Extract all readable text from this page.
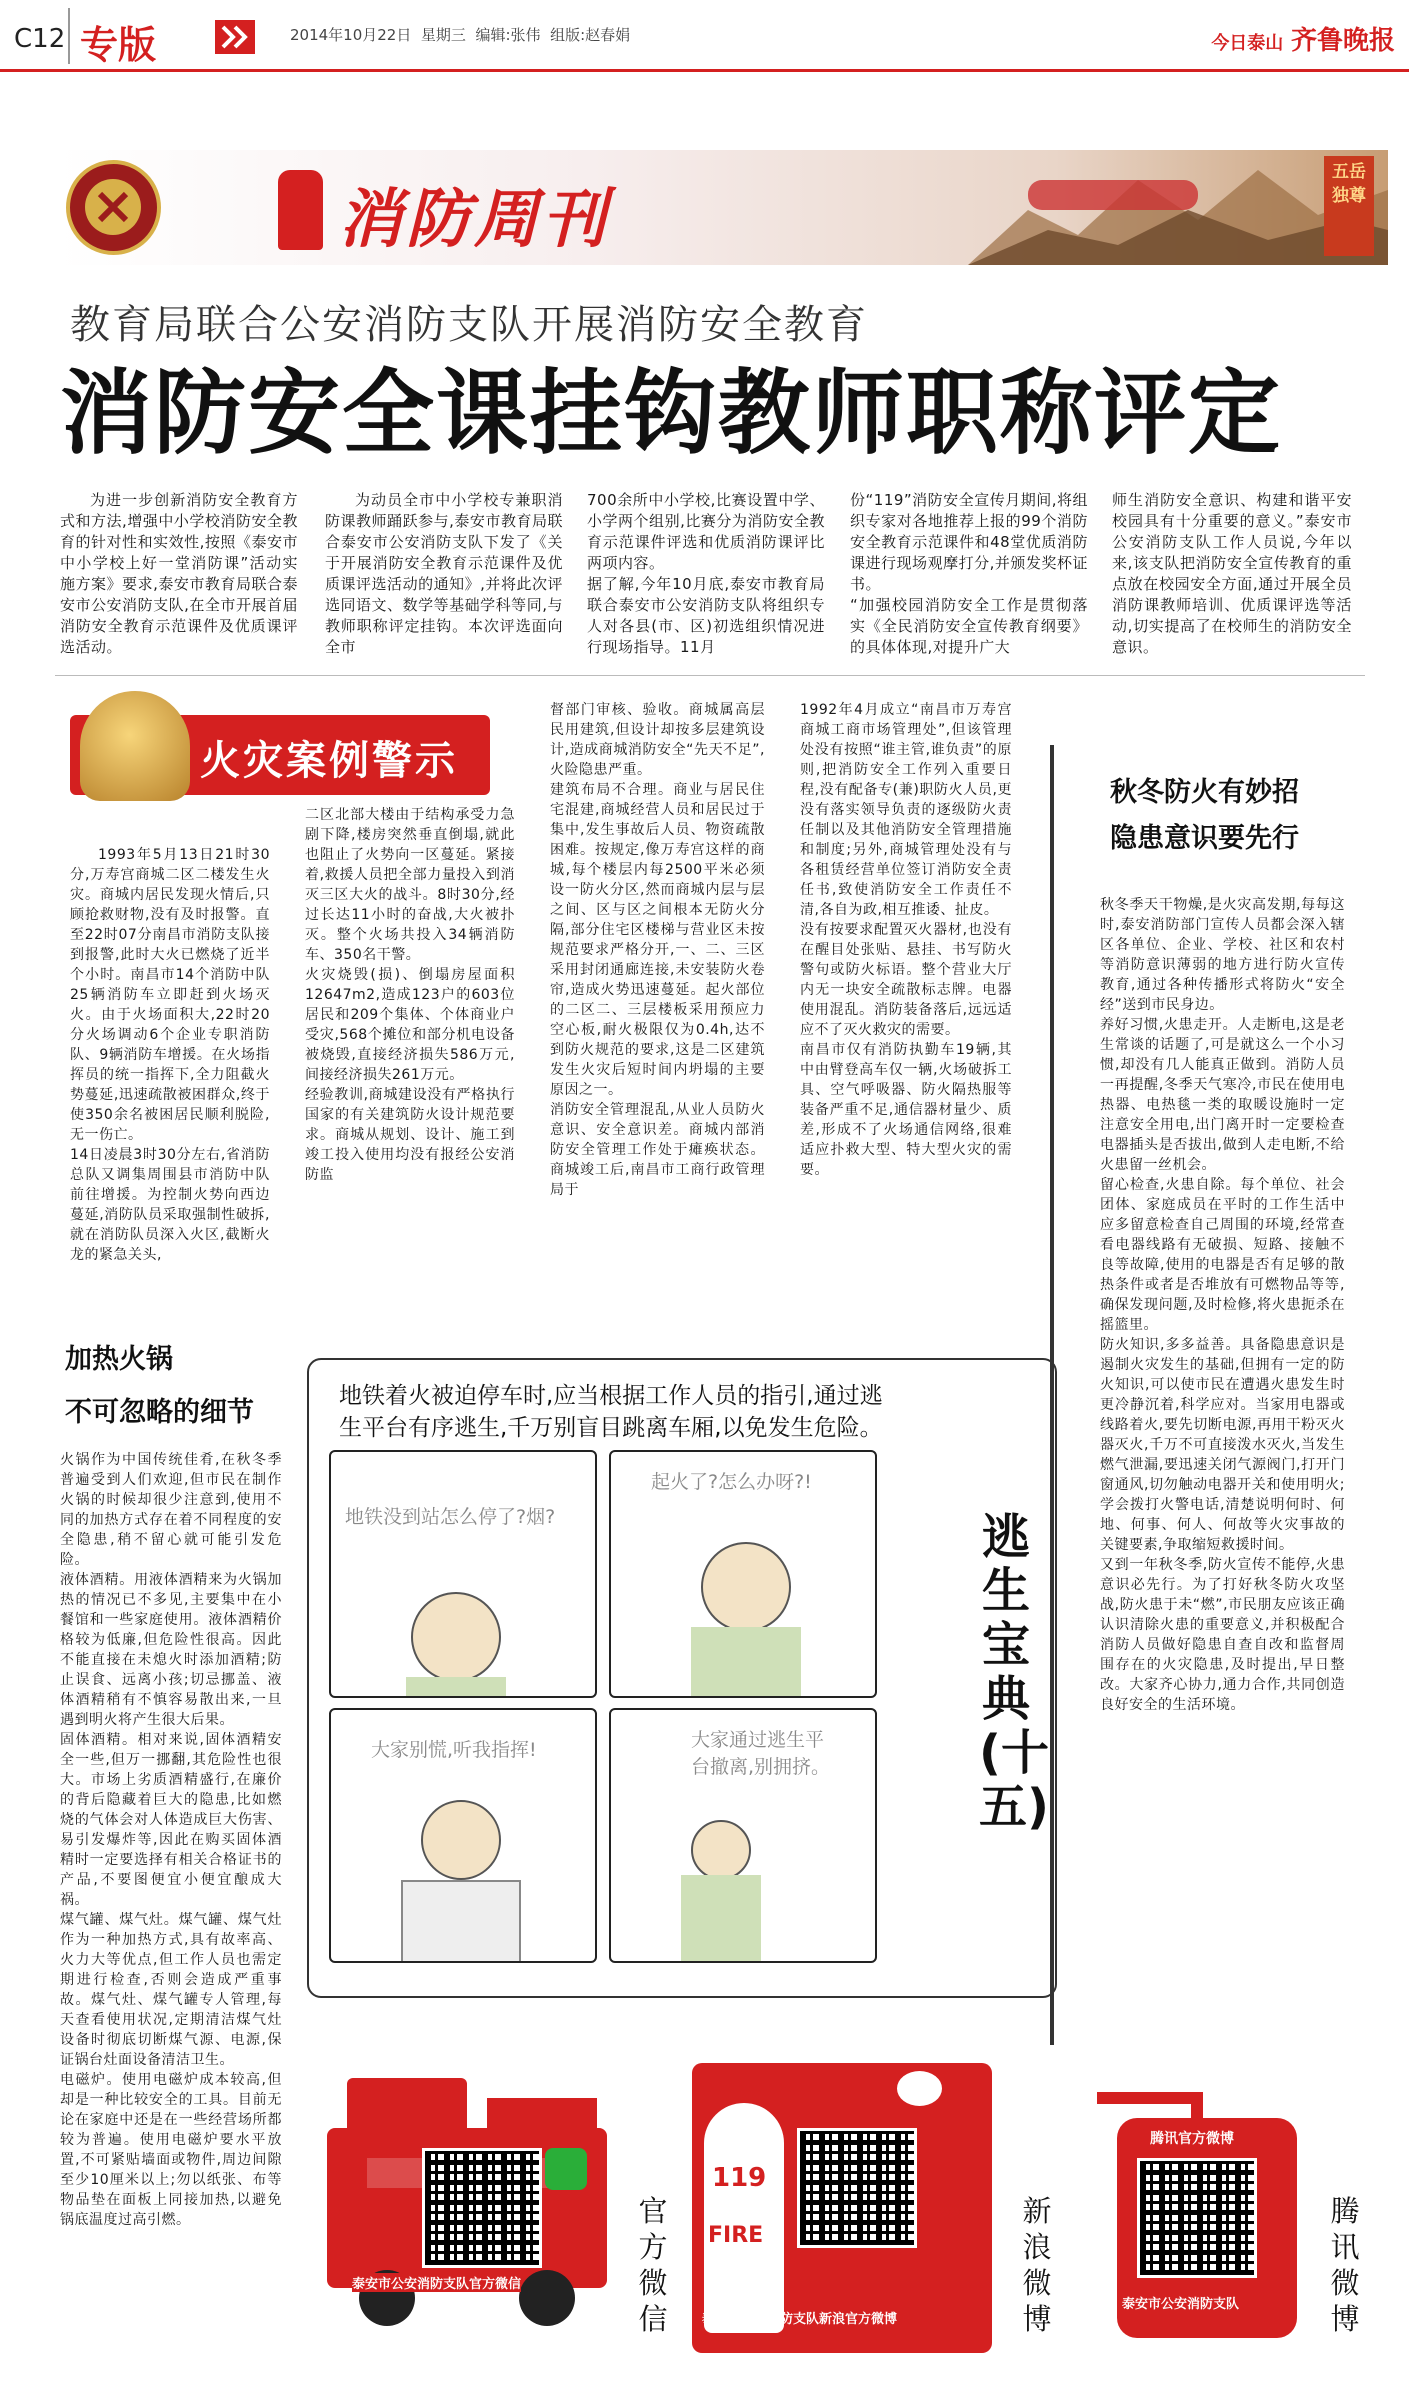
C12 专版	2014年10月22日 星期三 编辑:张伟 组版:赵春娟	今日泰山 齐鲁晚报
消防周刊
五岳独尊
教育局联合公安消防支队开展消防安全教育
消防安全课挂钩教师职称评定
为进一步创新消防安全教育方式和方法,增强中小学校消防安全教育的针对性和实效性,按照《泰安市中小学校上好一堂消防课”活动实施方案》要求,泰安市教育局联合泰安市公安消防支队,在全市开展首届消防安全教育示范课件及优质课评选活动。
为动员全市中小学校专兼职消防课教师踊跃参与,泰安市教育局联合泰安市公安消防支队下发了《关于开展消防安全教育示范课件及优质课评选活动的通知》,并将此次评选同语文、数学等基础学科等同,与教师职称评定挂钩。本次评选面向全市
700余所中小学校,比赛设置中学、小学两个组别,比赛分为消防安全教育示范课件评选和优质消防课评比两项内容。
据了解,今年10月底,泰安市教育局联合泰安市公安消防支队将组织专人对各县(市、区)初选组织情况进行现场指导。11月
份“119”消防安全宣传月期间,将组织专家对各地推荐上报的99个消防安全教育示范课件和48堂优质消防课进行现场观摩打分,并颁发奖杯证书。
“加强校园消防安全工作是贯彻落实《全民消防安全宣传教育纲要》的具体体现,对提升广大
师生消防安全意识、构建和谐平安校园具有十分重要的意义。”泰安市公安消防支队工作人员说,今年以来,该支队把消防安全宣传教育的重点放在校园安全方面,通过开展全员消防课教师培训、优质课评选等活动,切实提高了在校师生的消防安全意识。
火灾案例警示
1993年5月13日21时30分,万寿宫商城二区二楼发生火灾。商城内居民发现火情后,只顾抢救财物,没有及时报警。直至22时07分南昌市消防支队接到报警,此时大火已燃烧了近半个小时。南昌市14个消防中队25辆消防车立即赶到火场灭火。由于火场面积大,22时20分火场调动6个企业专职消防队、9辆消防车增援。在火场指挥员的统一指挥下,全力阻截火势蔓延,迅速疏散被困群众,终于使350余名被困居民顺利脱险,无一伤亡。
14日凌晨3时30分左右,省消防总队又调集周围县市消防中队前往增援。为控制火势向西边蔓延,消防队员采取强制性破拆,就在消防队员深入火区,截断火龙的紧急关头,
二区北部大楼由于结构承受力急剧下降,楼房突然垂直倒塌,就此也阻止了火势向一区蔓延。紧接着,救援人员把全部力量投入到消灭三区大火的战斗。8时30分,经过长达11小时的奋战,大火被扑灭。整个火场共投入34辆消防车、350名干警。
火灾烧毁(损)、倒塌房屋面积12647m2,造成123户的603位居民和209个集体、个体商业户受灾,568个摊位和部分机电设备被烧毁,直接经济损失586万元,间接经济损失261万元。
经验教训,商城建设没有严格执行国家的有关建筑防火设计规范要求。商城从规划、设计、施工到竣工投入使用均没有报经公安消防监
督部门审核、验收。商城属高层民用建筑,但设计却按多层建筑设计,造成商城消防安全“先天不足”,火险隐患严重。
建筑布局不合理。商业与居民住宅混建,商城经营人员和居民过于集中,发生事故后人员、物资疏散困难。按规定,像万寿宫这样的商城,每个楼层内每2500平米必须设一防火分区,然而商城内层与层之间、区与区之间根本无防火分隔,部分住宅区楼梯与营业区未按规范要求严格分开,一、二、三区采用封闭通廊连接,未安装防火卷帘,造成火势迅速蔓延。起火部位的二区二、三层楼板采用预应力空心板,耐火极限仅为0.4h,达不到防火规范的要求,这是二区建筑发生火灾后短时间内坍塌的主要原因之一。
消防安全管理混乱,从业人员防火意识、安全意识差。商城内部消防安全管理工作处于瘫痪状态。商城竣工后,南昌市工商行政管理局于
1992年4月成立“南昌市万寿宫商城工商市场管理处”,但该管理处没有按照“谁主管,谁负责”的原则,把消防安全工作列入重要日程,没有配备专(兼)职防火人员,更没有落实领导负责的逐级防火责任制以及其他消防安全管理措施和制度;另外,商城管理处没有与各租赁经营单位签订消防安全责任书,致使消防安全工作责任不清,各自为政,相互推诿、扯皮。
没有按要求配置灭火器材,也没有在醒目处张贴、悬挂、书写防火警句或防火标语。整个营业大厅内无一块安全疏散标志牌。电器使用混乱。消防装备落后,远远适应不了灭火救灾的需要。
南昌市仅有消防执勤车19辆,其中由臂登高车仅一辆,火场破拆工具、空气呼吸器、防火隔热服等装备严重不足,通信器材量少、质差,形成不了火场通信网络,很难适应扑救大型、特大型火灾的需要。
秋冬防火有妙招
隐患意识要先行
秋冬季天干物燥,是火灾高发期,每每这时,泰安消防部门宣传人员都会深入辖区各单位、企业、学校、社区和农村等消防意识薄弱的地方进行防火宣传教育,通过各种传播形式将防火“安全经”送到市民身边。
养好习惯,火患走开。人走断电,这是老生常谈的话题了,可是就这么一个小习惯,却没有几人能真正做到。消防人员一再提醒,冬季天气寒冷,市民在使用电热器、电热毯一类的取暖设施时一定注意安全用电,出门离开时一定要检查电器插头是否拔出,做到人走电断,不给火患留一丝机会。
留心检查,火患自除。每个单位、社会团体、家庭成员在平时的工作生活中应多留意检查自己周围的环境,经常查看电器线路有无破损、短路、接触不良等故障,使用的电器是否有足够的散热条件或者是否堆放有可燃物品等等,确保发现问题,及时检修,将火患扼杀在摇篮里。
防火知识,多多益善。具备隐患意识是遏制火灾发生的基础,但拥有一定的防火知识,可以使市民在遭遇火患发生时更冷静沉着,科学应对。当家用电器或线路着火,要先切断电源,再用干粉灭火器灭火,千万不可直接泼水灭火,当发生燃气泄漏,要迅速关闭气源阀门,打开门窗通风,切勿触动电器开关和使用明火;学会拨打火警电话,清楚说明何时、何地、何事、何人、何故等火灾事故的关键要素,争取缩短救援时间。
又到一年秋冬季,防火宣传不能停,火患意识必先行。为了打好秋冬防火攻坚战,防火患于未“燃”,市民朋友应该正确认识清除火患的重要意义,并积极配合消防人员做好隐患自查自改和监督周围存在的火灾隐患,及时提出,早日整改。大家齐心协力,通力合作,共同创造良好安全的生活环境。
加热火锅
不可忽略的细节
火锅作为中国传统佳肴,在秋冬季普遍受到人们欢迎,但市民在制作火锅的时候却很少注意到,使用不同的加热方式存在着不同程度的安全隐患,稍不留心就可能引发危险。
液体酒精。用液体酒精来为火锅加热的情况已不多见,主要集中在小餐馆和一些家庭使用。液体酒精价格较为低廉,但危险性很高。因此不能直接在未熄火时添加酒精;防止误食、远离小孩;切忌挪盖、液体酒精稍有不慎容易散出来,一旦遇到明火将产生很大后果。
固体酒精。相对来说,固体酒精安全一些,但万一挪翻,其危险性也很大。市场上劣质酒精盛行,在廉价的背后隐藏着巨大的隐患,比如燃烧的气体会对人体造成巨大伤害、易引发爆炸等,因此在购买固体酒精时一定要选择有相关合格证书的产品,不要图便宜小便宜酿成大祸。
煤气罐、煤气灶。煤气罐、煤气灶作为一种加热方式,具有故率高、火力大等优点,但工作人员也需定期进行检查,否则会造成严重事故。煤气灶、煤气罐专人管理,每天查看使用状况,定期清洁煤气灶设备时彻底切断煤气源、电源,保证锅台灶面设备清洁卫生。
电磁炉。使用电磁炉成本较高,但却是一种比较安全的工具。目前无论在家庭中还是在一些经营场所都较为普遍。使用电磁炉要水平放置,不可紧贴墙面或物件,周边间隙至少10厘米以上;勿以纸张、布等物品垫在面板上同接加热,以避免锅底温度过高引燃。
地铁着火被迫停车时,应当根据工作人员的指引,通过逃生平台有序逃生,千万别盲目跳离车厢,以免发生危险。
地铁没到站怎么停了?烟?
起火了?怎么办呀?!
大家别慌,听我指挥!	大家通过逃生平台撤离,别拥挤。
逃生宝典(十五)
泰安市公安消防支队官方微信
官方微信
119
FIRE
泰安市公安消防支队新浪官方微博
新浪微博
腾讯官方微博
泰安市公安消防支队
腾讯微博
